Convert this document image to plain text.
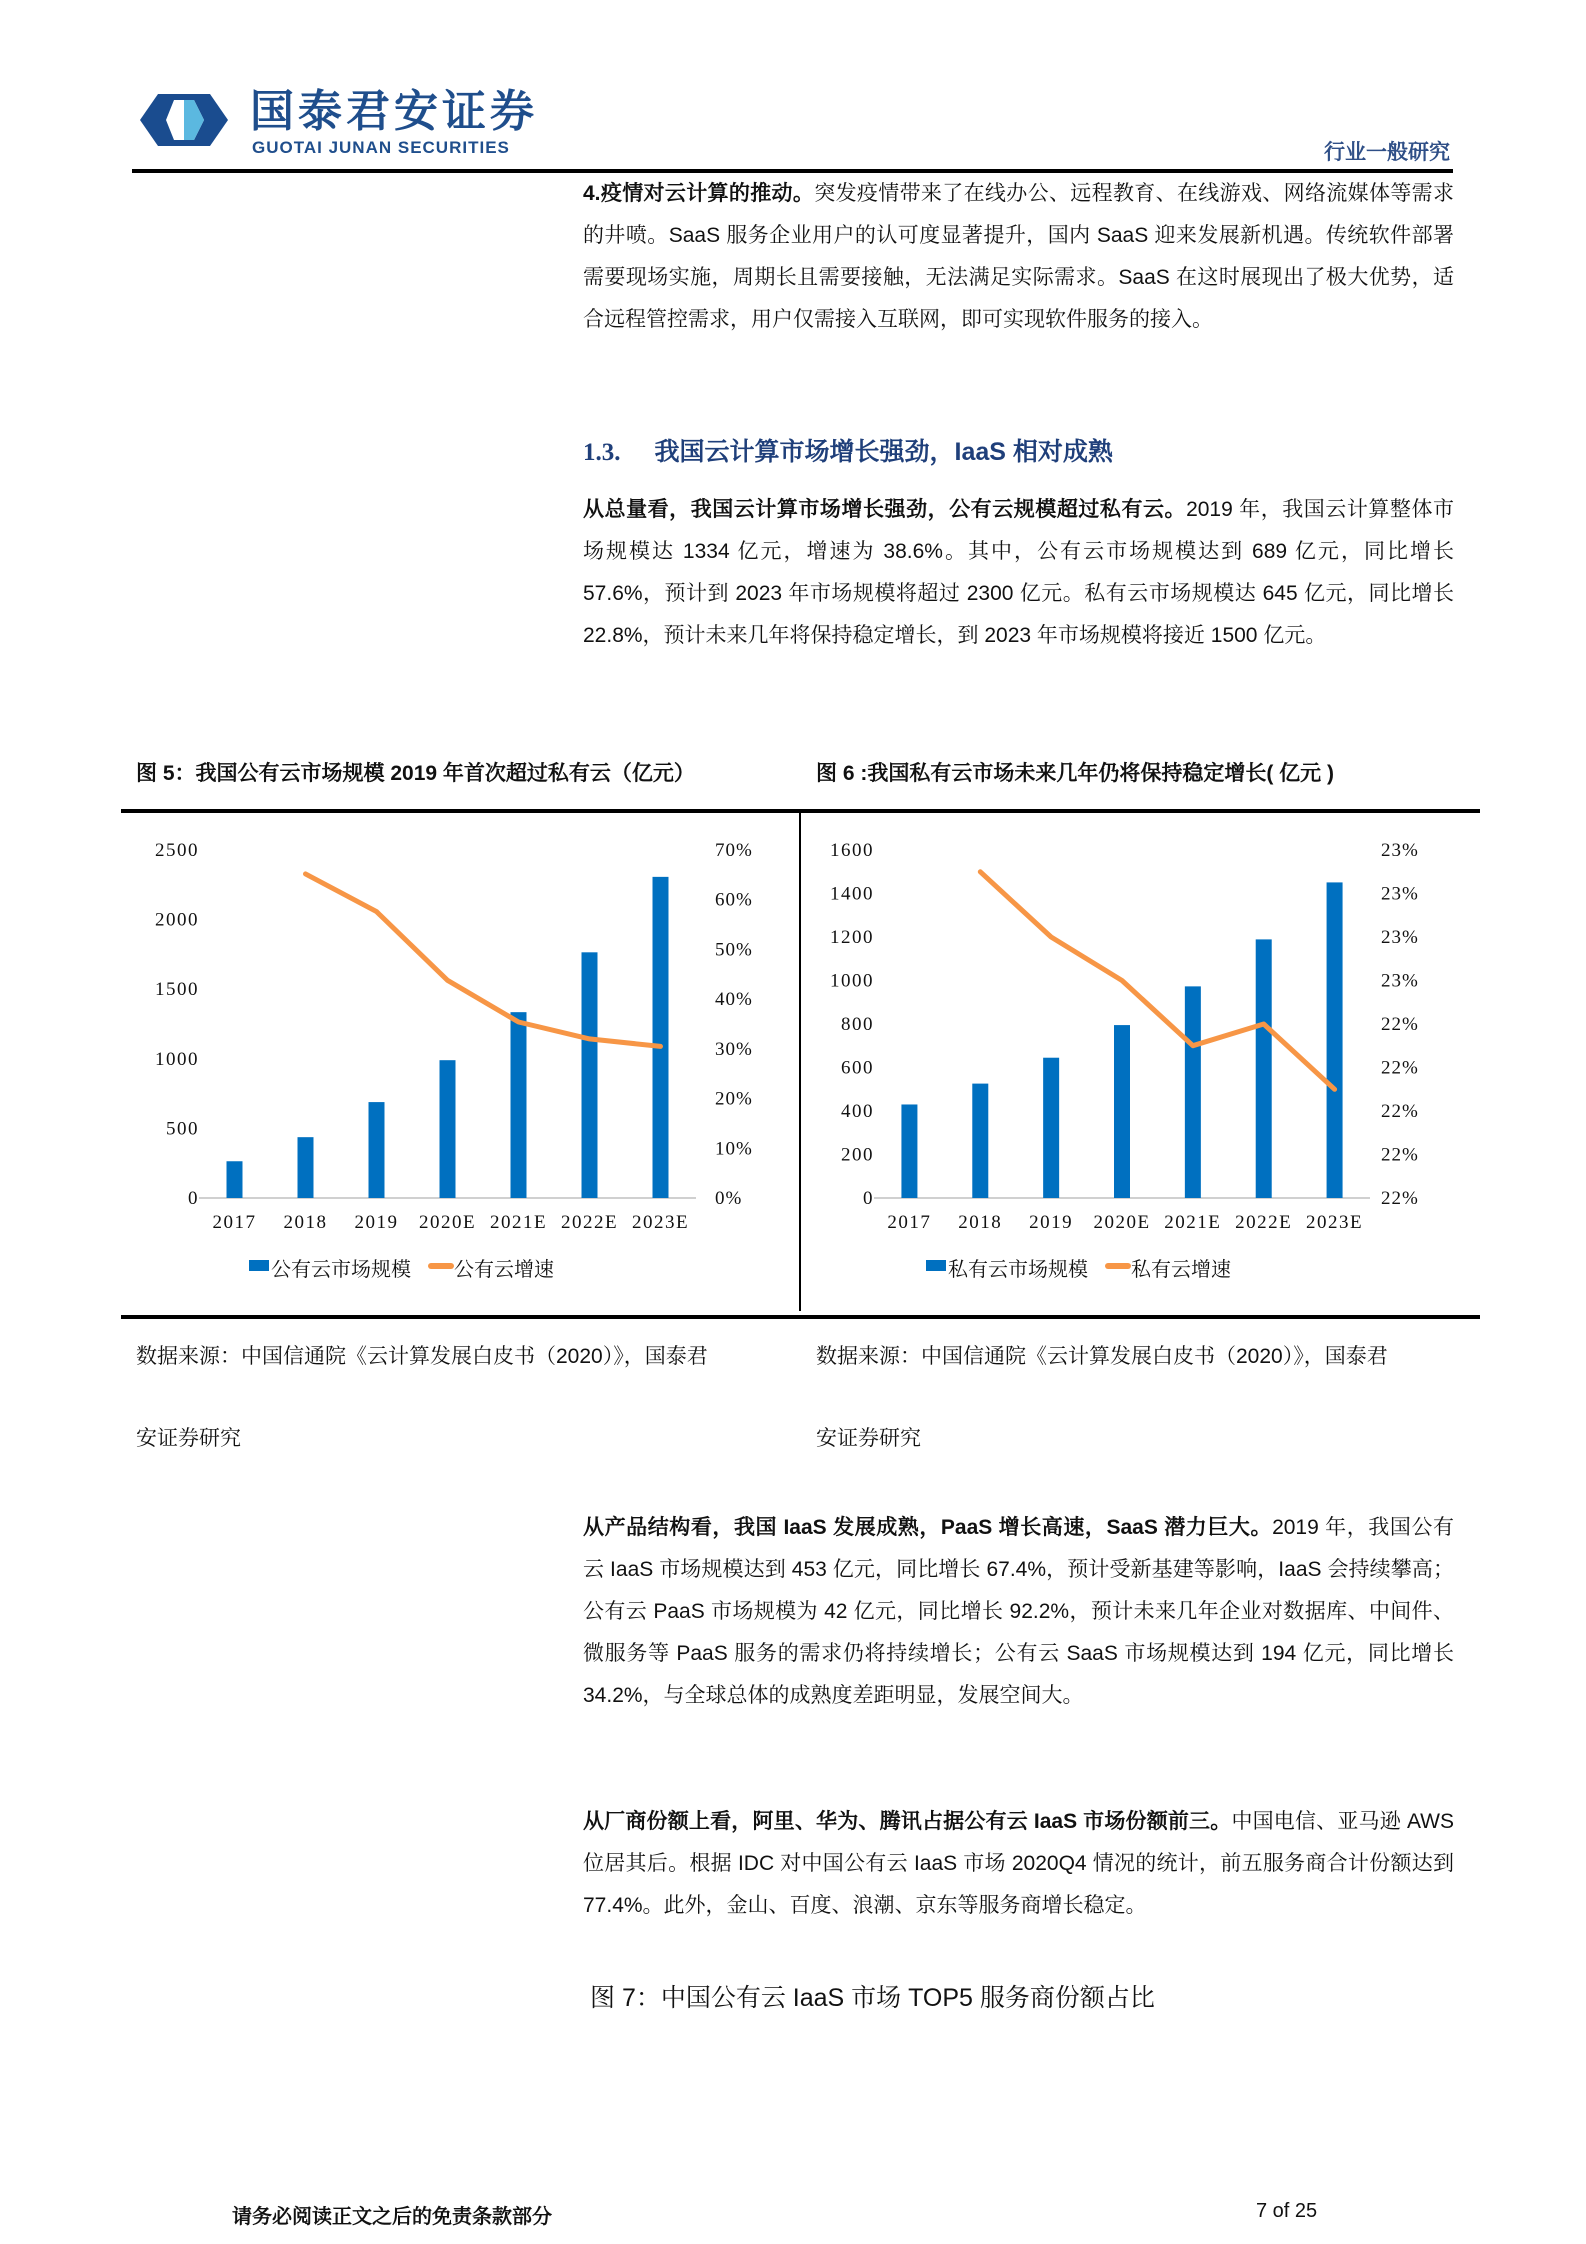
国泰君安证券
GUOTAI JUNAN SECURITIES	行业一般研究
4.疫情对云计算的推动。突发疫情带来了在线办公、远程教育、在线游戏、网络流媒体等需求的井喷。SaaS 服务企业用户的认可度显著提升，国内 SaaS 迎来发展新机遇。传统软件部署需要现场实施，周期长且需要接触，无法满足实际需求。SaaS 在这时展现出了极大优势，适合远程管控需求，用户仅需接入互联网，即可实现软件服务的接入。
1.3. 我国云计算市场增长强劲，IaaS 相对成熟
从总量看，我国云计算市场增长强劲，公有云规模超过私有云。2019 年，我国云计算整体市场规模达 1334 亿元，增速为 38.6%。其中，公有云市场规模达到 689 亿元，同比增长 57.6%，预计到 2023 年市场规模将超过 2300 亿元。私有云市场规模达 645 亿元，同比增长 22.8%，预计未来几年将保持稳定增长，到 2023 年市场规模将接近 1500 亿元。
图 5：我国公有云市场规模 2019 年首次超过私有云（亿元）	图 6 :我国私有云市场未来几年仍将保持稳定增长( 亿元 )
0
500
1000
1500
2000
2500
0%
10%
20%
30%
40%
50%
60%
70%
2017 2018 2019 2020E 2021E 2022E 2023E
公有云市场规模 公有云增速
0
200
400
600
800
1000
1200
1400
1600
22%
22%
22%
22%
22%
23%
23%
23%
23%
2017 2018 2019 2020E 2021E 2022E 2023E
私有云市场规模 私有云增速
数据来源：中国信通院《云计算发展白皮书（2020）》，国泰君
安证券研究
数据来源：中国信通院《云计算发展白皮书（2020）》，国泰君
安证券研究
从产品结构看，我国 IaaS 发展成熟，PaaS 增长高速，SaaS 潜力巨大。2019 年，我国公有云 IaaS 市场规模达到 453 亿元，同比增长 67.4%，预计受新基建等影响，IaaS 会持续攀高；公有云 PaaS 市场规模为 42 亿元，同比增长 92.2%，预计未来几年企业对数据库、中间件、微服务等 PaaS 服务的需求仍将持续增长；公有云 SaaS 市场规模达到 194 亿元，同比增长 34.2%，与全球总体的成熟度差距明显，发展空间大。
从厂商份额上看，阿里、华为、腾讯占据公有云 IaaS 市场份额前三。中国电信、亚马逊 AWS 位居其后。根据 IDC 对中国公有云 IaaS 市场 2020Q4 情况的统计，前五服务商合计份额达到 77.4%。此外，金山、百度、浪潮、京东等服务商增长稳定。
图 7：中国公有云 IaaS 市场 TOP5 服务商份额占比
请务必阅读正文之后的免责条款部分	7 of 25
